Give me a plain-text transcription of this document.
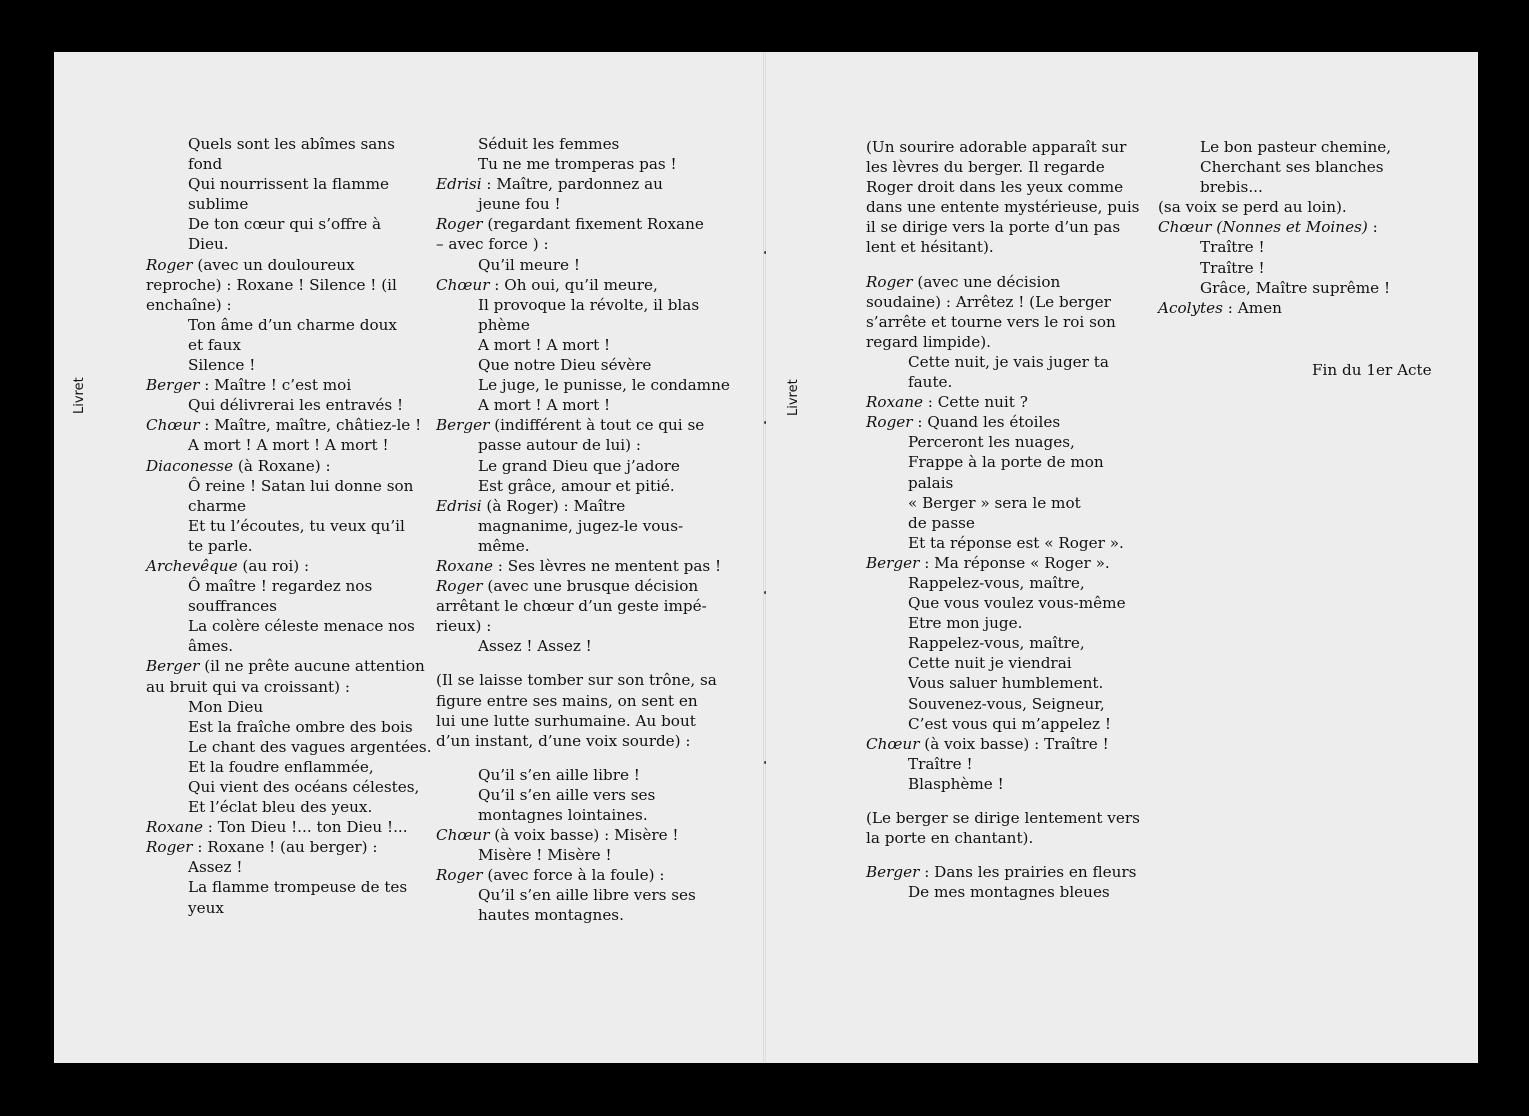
Livret
Quels sont les abîmes sans
fond
Qui nourrissent la flamme
sublime
De ton cœur qui s’offre à
Dieu.
Roger (avec un douloureux
reproche) : Roxane ! Silence ! (il
enchaîne) :
Ton âme d’un charme doux
et faux
Silence !
Berger : Maître ! c’est moi
Qui délivrerai les entravés !
Chœur : Maître, maître, châtiez-le !
A mort ! A mort ! A mort !
Diaconesse (à Roxane) :
Ô reine ! Satan lui donne son
charme
Et tu l’écoutes, tu veux qu’il
te parle.
Archevêque (au roi) :
Ô maître ! regardez nos
souffrances
La colère céleste menace nos
âmes.
Berger (il ne prête aucune attention
au bruit qui va croissant) :
Mon Dieu
Est la fraîche ombre des bois
Le chant des vagues argentées.
Et la foudre enflammée,
Qui vient des océans célestes,
Et l’éclat bleu des yeux.
Roxane : Ton Dieu !... ton Dieu !...
Roger : Roxane ! (au berger) :
Assez !
La flamme trompeuse de tes
yeux
Séduit les femmes
Tu ne me tromperas pas !
Edrisi : Maître, pardonnez au
jeune fou !
Roger (regardant fixement Roxane
– avec force ) :
Qu’il meure !
Chœur : Oh oui, qu’il meure,
Il provoque la révolte, il blas
phème
A mort ! A mort !
Que notre Dieu sévère
Le juge, le punisse, le condamne
A mort ! A mort !
Berger (indifférent à tout ce qui se
passe autour de lui) :
Le grand Dieu que j’adore
Est grâce, amour et pitié.
Edrisi (à Roger) : Maître
magnanime, jugez-le vous-
même.
Roxane : Ses lèvres ne mentent pas !
Roger (avec une brusque décision
arrêtant le chœur d’un geste impé-
rieux) :
Assez ! Assez !
(Il se laisse tomber sur son trône, sa
figure entre ses mains, on sent en
lui une lutte surhumaine. Au bout
d’un instant, d’une voix sourde) :
Qu’il s’en aille libre !
Qu’il s’en aille vers ses
montagnes lointaines.
Chœur (à voix basse) : Misère !
Misère ! Misère !
Roger (avec force à la foule) :
Qu’il s’en aille libre vers ses
hautes montagnes.
Livret
(Un sourire adorable apparaît sur
les lèvres du berger. Il regarde
Roger droit dans les yeux comme
dans une entente mystérieuse, puis
il se dirige vers la porte d’un pas
lent et hésitant).
Roger (avec une décision
soudaine) : Arrêtez ! (Le berger
s’arrête et tourne vers le roi son
regard limpide).
Cette nuit, je vais juger ta
faute.
Roxane : Cette nuit ?
Roger : Quand les étoiles
Perceront les nuages,
Frappe à la porte de mon
palais
« Berger » sera le mot
de passe
Et ta réponse est « Roger ».
Berger : Ma réponse « Roger ».
Rappelez-vous, maître,
Que vous voulez vous-même
Etre mon juge.
Rappelez-vous, maître,
Cette nuit je viendrai
Vous saluer humblement.
Souvenez-vous, Seigneur,
C’est vous qui m’appelez !
Chœur (à voix basse) : Traître !
Traître !
Blasphème !
(Le berger se dirige lentement vers
la porte en chantant).
Berger : Dans les prairies en fleurs
De mes montagnes bleues
Le bon pasteur chemine,
Cherchant ses blanches
brebis...
(sa voix se perd au loin).
Chœur (Nonnes et Moines) :
Traître !
Traître !
Grâce, Maître suprême !
Acolytes : Amen
Fin du 1er Acte
